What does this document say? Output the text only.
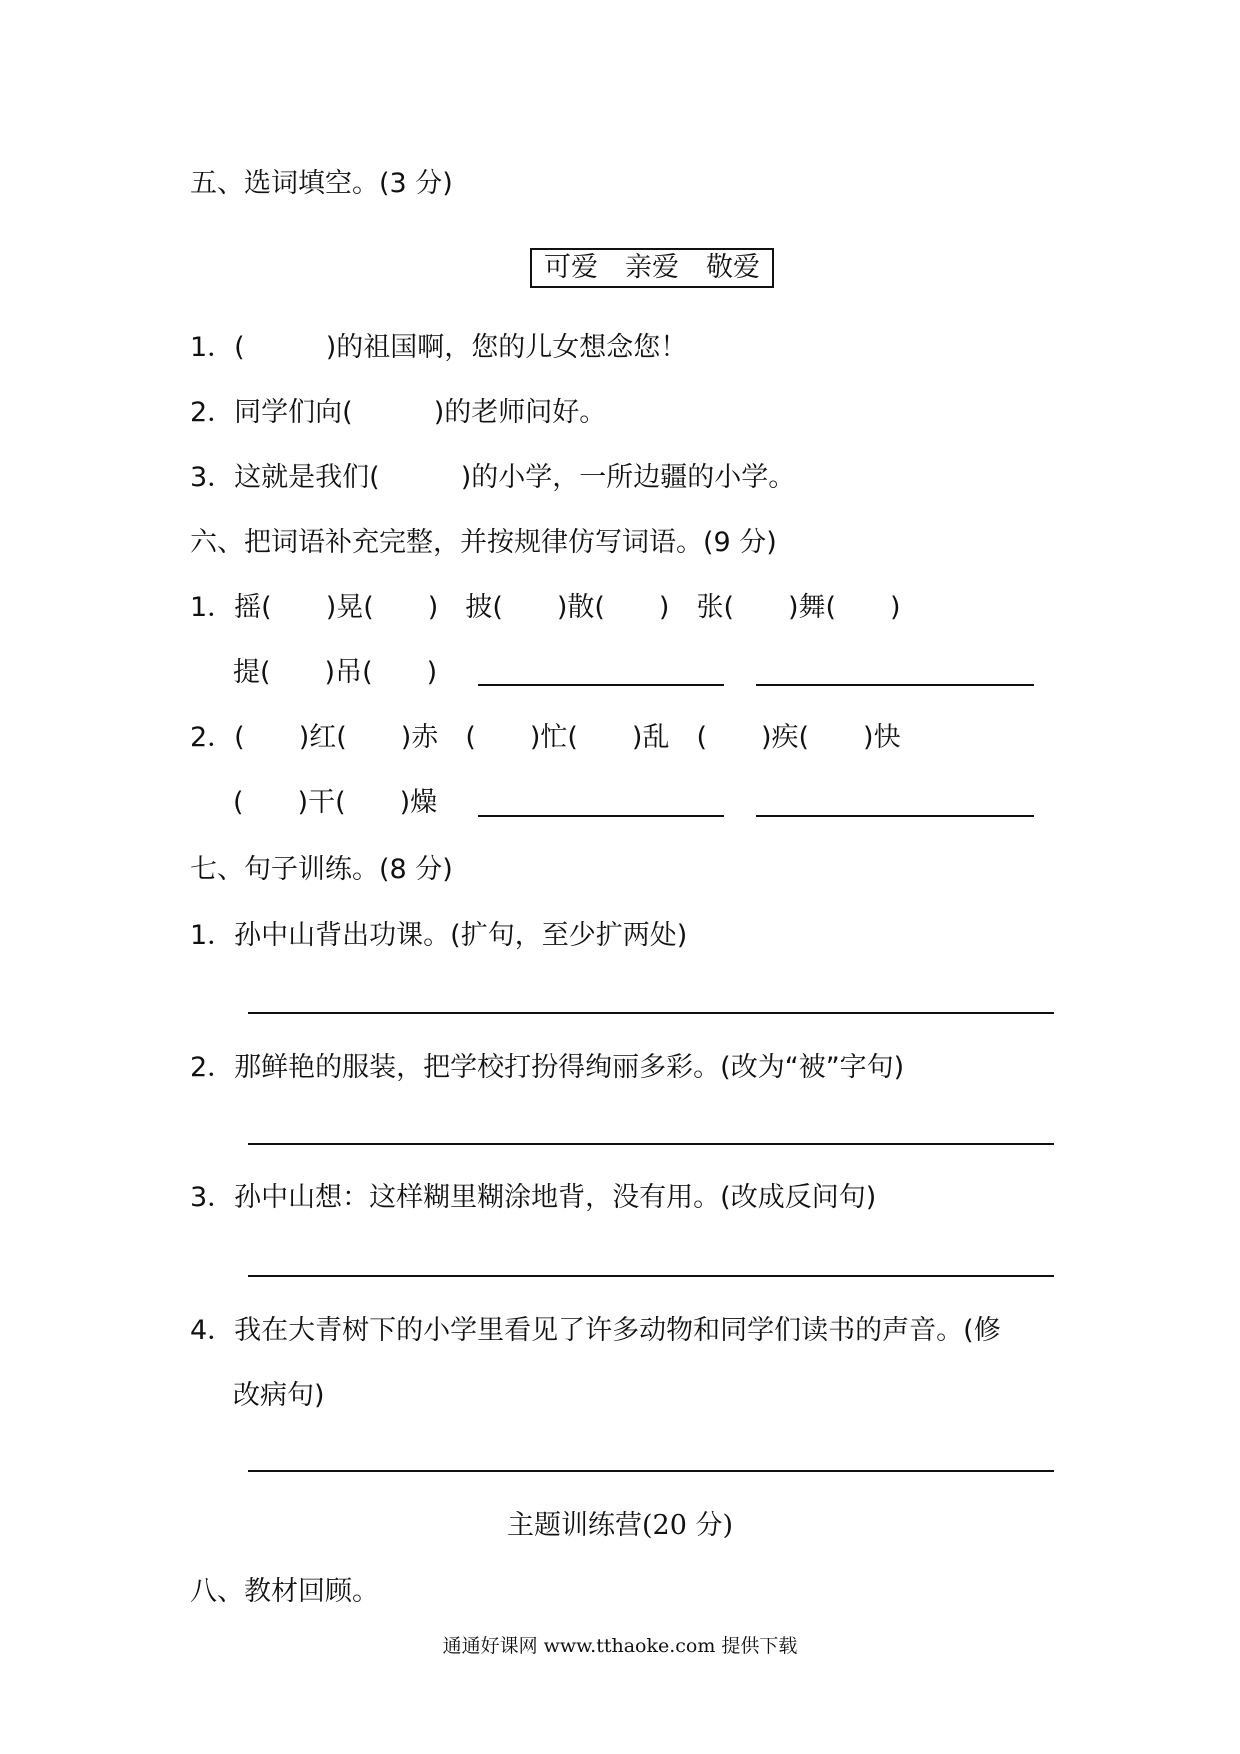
五、选词填空。(3 分)
可爱　亲爱　敬爱
1．(　　　)的祖国啊，您的儿女想念您！
2．同学们向(　　　)的老师问好。
3．这就是我们(　　　)的小学，一所边疆的小学。
六、把词语补充完整，并按规律仿写词语。(9 分)
1．摇(　　)晃(　　)　披(　　)散(　　)　张(　　)舞(　　)
提(　　)吊(　　)
2．(　　)红(　　)赤　(　　)忙(　　)乱　(　　)疾(　　)快
(　　)干(　　)燥
七、句子训练。(8 分)
1．孙中山背出功课。(扩句，至少扩两处)
2．那鲜艳的服装，把学校打扮得绚丽多彩。(改为“被”字句)
3．孙中山想：这样糊里糊涂地背，没有用。(改成反问句)
4．我在大青树下的小学里看见了许多动物和同学们读书的声音。(修
改病句)
主题训练营(20 分)
八、教材回顾。
通通好课网 www.tthaoke.com 提供下载
